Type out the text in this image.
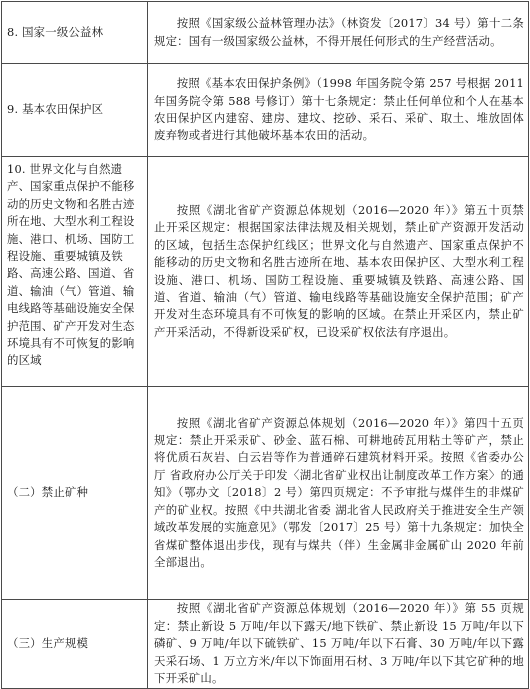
8. 国家一级公益林	按照《国家级公益林管理办法》（林资发〔2017〕34 号）第十二条规定：国有一级国家级公益林，不得开展任何形式的生产经营活动。

9. 基本农田保护区	按照《基本农田保护条例》（1998 年国务院令第 257 号根据 2011 年国务院令第 588 号修订）第十七条规定：禁止任何单位和个人在基本农田保护区内建窑、建房、建坟、挖砂、采石、采矿、取土、堆放固体废弃物或者进行其他破坏基本农田的活动。

10. 世界文化与自然遗产、国家重点保护不能移动的历史文物和名胜古迹所在地、大型水利工程设施、港口、机场、国防工程设施、重要城镇及铁路、高速公路、国道、省道、输油（气）管道、输电线路等基础设施安全保护范围、矿产开发对生态环境具有不可恢复的影响的区域	按照《湖北省矿产资源总体规划（2016—2020 年）》第五十页禁止开采区规定：根据国家法律法规及相关规划，禁止矿产资源开发活动的区域，包括生态保护红线区；世界文化与自然遗产、国家重点保护不能移动的历史文物和名胜古迹所在地、基本农田保护区、大型水利工程设施、港口、机场、国防工程设施、重要城镇及铁路、高速公路、国道、省道、输油（气）管道、输电线路等基础设施安全保护范围；矿产开发对生态环境具有不可恢复的影响的区域。在禁止开采区内，禁止矿产开采活动，不得新设采矿权，已设采矿权依法有序退出。

（二）禁止矿种	按照《湖北省矿产资源总体规划（2016—2020 年）》第四十五页规定：禁止开采汞矿、砂金、蓝石棉、可耕地砖瓦用粘土等矿产，禁止将优质石灰岩、白云岩等作为普通碎石建筑材料开采。按照《省委办公厅 省政府办公厅关于印发〈湖北省矿业权出让制度改革工作方案〉的通知》（鄂办文〔2018〕2 号）第四页规定：不予审批与煤伴生的非煤矿产的矿业权。按照《中共湖北省委 湖北省人民政府关于推进安全生产领域改革发展的实施意见》（鄂发〔2017〕25 号）第十九条规定：加快全省煤矿整体退出步伐，现有与煤共（伴）生金属非金属矿山 2020 年前全部退出。

（三）生产规模	按照《湖北省矿产资源总体规划（2016—2020 年）》第 55 页规定：禁止新设 5 万吨/年以下露天/地下铁矿、禁止新设 15 万吨/年以下磷矿、9 万吨/年以下硫铁矿、15 万吨/年以下石膏、30 万吨/年以下露天采石场、1 万立方米/年以下饰面用石材、3 万吨/年以下其它矿种的地下开采矿山。
